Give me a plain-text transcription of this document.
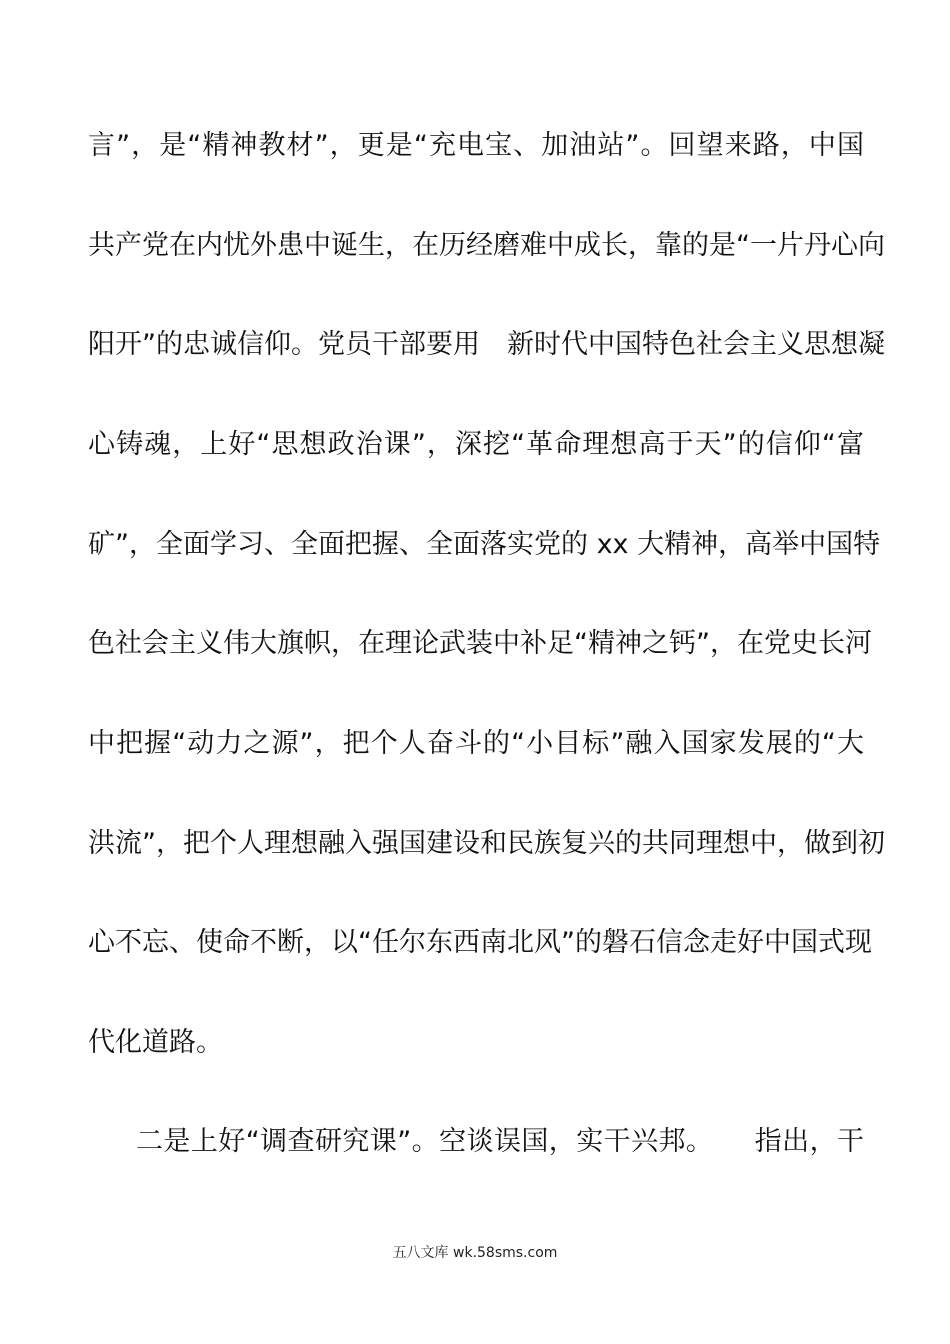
言”，是“精神教材”，更是“充电宝、加油站”。回望来路，中国
共产党在内忧外患中诞生，在历经磨难中成长，靠的是“一片丹心向
阳开”的忠诚信仰。党员干部要用　新时代中国特色社会主义思想凝
心铸魂，上好“思想政治课”，深挖“革命理想高于天”的信仰“富
矿”，全面学习、全面把握、全面落实党的 xx 大精神，高举中国特
色社会主义伟大旗帜，在理论武装中补足“精神之钙”，在党史长河
中把握“动力之源”，把个人奋斗的“小目标”融入国家发展的“大
洪流”，把个人理想融入强国建设和民族复兴的共同理想中，做到初
心不忘、使命不断，以“任尔东西南北风”的磐石信念走好中国式现
代化道路。
二是上好“调查研究课”。空谈误国，实干兴邦。　　指出，干
五八文库 wk.58sms.com
